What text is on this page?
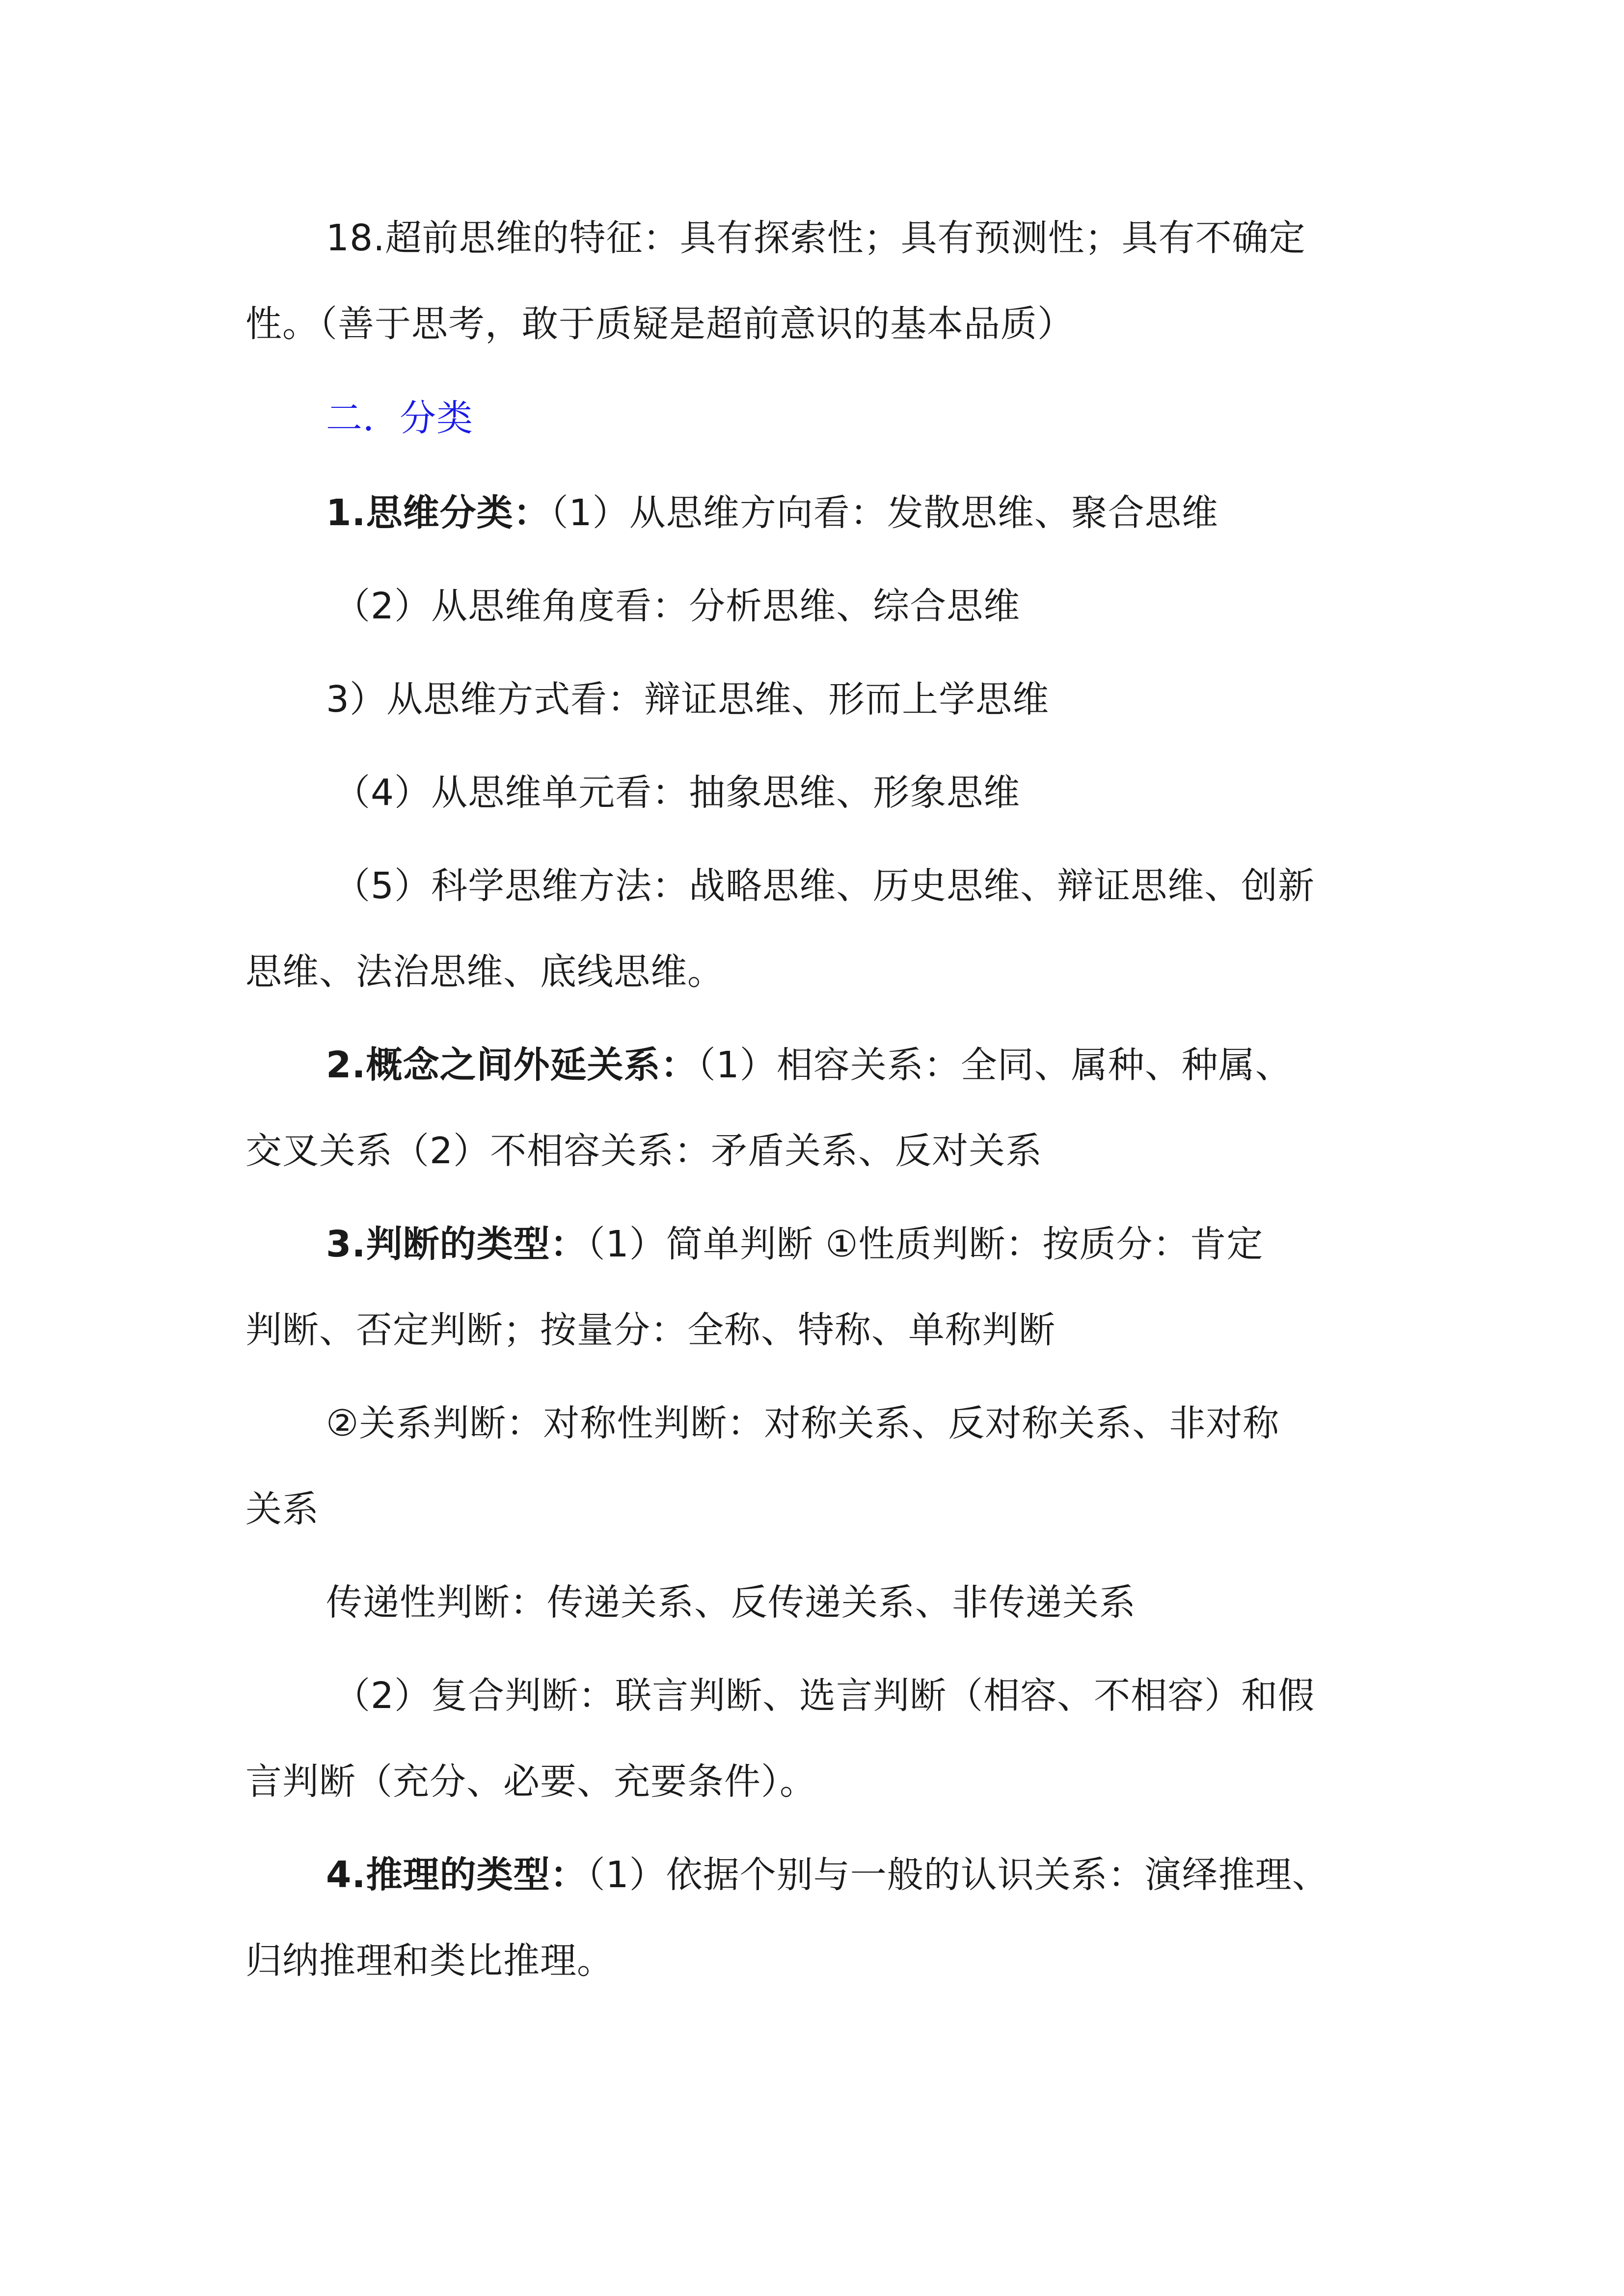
18.超前思维的特征：具有探索性；具有预测性；具有不确定
性。（善于思考，敢于质疑是超前意识的基本品质）
二．分类
1.思维分类：（1）从思维方向看：发散思维、聚合思维
（2）从思维角度看：分析思维、综合思维
3）从思维方式看：辩证思维、形而上学思维
（4）从思维单元看：抽象思维、形象思维
（5）科学思维方法：战略思维、历史思维、辩证思维、创新
思维、法治思维、底线思维。
2.概念之间外延关系：（1）相容关系：全同、属种、种属、
交叉关系（2）不相容关系：矛盾关系、反对关系
3.判断的类型：（1）简单判断 ①性质判断：按质分：肯定
判断、否定判断；按量分：全称、特称、单称判断
②关系判断：对称性判断：对称关系、反对称关系、非对称
关系
传递性判断：传递关系、反传递关系、非传递关系
（2）复合判断：联言判断、选言判断（相容、不相容）和假
言判断（充分、必要、充要条件）。
4.推理的类型：（1）依据个别与一般的认识关系：演绎推理、
归纳推理和类比推理。
